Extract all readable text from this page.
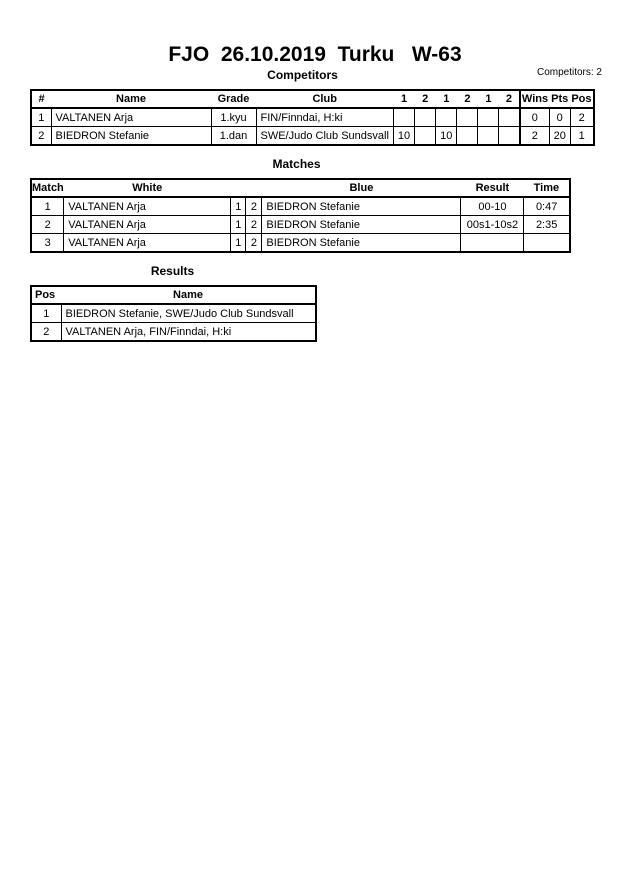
FJO  26.10.2019  Turku   W-63
Competitors	Competitors: 2
#	Name	Grade	Club	1	2	1	2	1	2	Wins	Pts	Pos
1	VALTANEN Arja	1.kyu	FIN/Finndai, H:ki							0	0	2
2	BIEDRON Stefanie	1.dan	SWE/Judo Club Sundsvall	10		10				2	20	1
Matches
Match	White			Blue	Result	Time
1	VALTANEN Arja	1	2	BIEDRON Stefanie	00-10	0:47
2	VALTANEN Arja	1	2	BIEDRON Stefanie	00s1-10s2	2:35
3	VALTANEN Arja	1	2	BIEDRON Stefanie		
Results
Pos	Name
1	BIEDRON Stefanie, SWE/Judo Club Sundsvall
2	VALTANEN Arja, FIN/Finndai, H:ki
